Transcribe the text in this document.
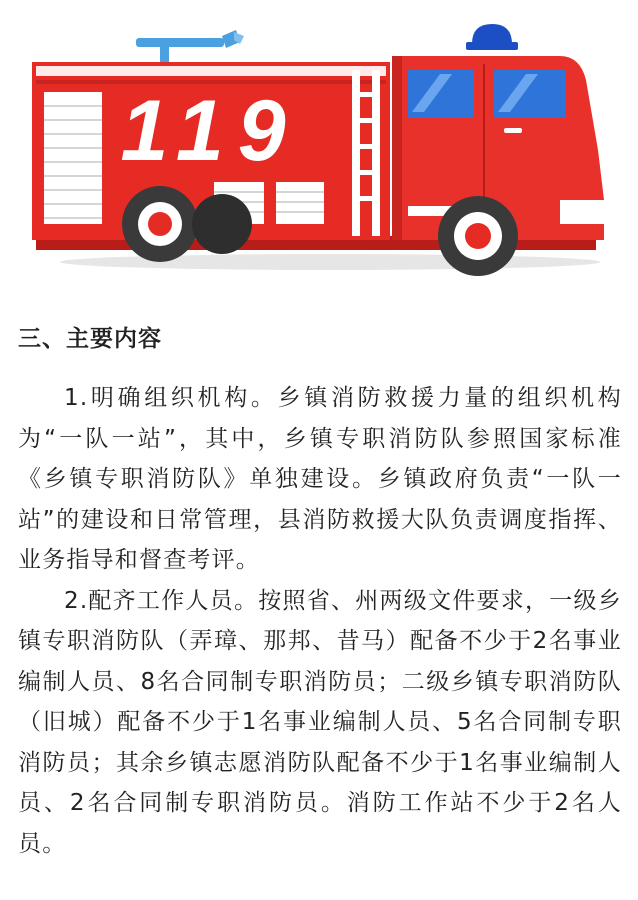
119
三、主要内容

1.明确组织机构。乡镇消防救援力量的组织机构为“一队一站”，其中，乡镇专职消防队参照国家标准《乡镇专职消防队》单独建设。乡镇政府负责“一队一站”的建设和日常管理，县消防救援大队负责调度指挥、业务指导和督查考评。

2.配齐工作人员。按照省、州两级文件要求，一级乡镇专职消防队（弄璋、那邦、昔马）配备不少于2名事业编制人员、8名合同制专职消防员；二级乡镇专职消防队（旧城）配备不少于1名事业编制人员、5名合同制专职消防员；其余乡镇志愿消防队配备不少于1名事业编制人员、2名合同制专职消防员。消防工作站不少于2名人员。
